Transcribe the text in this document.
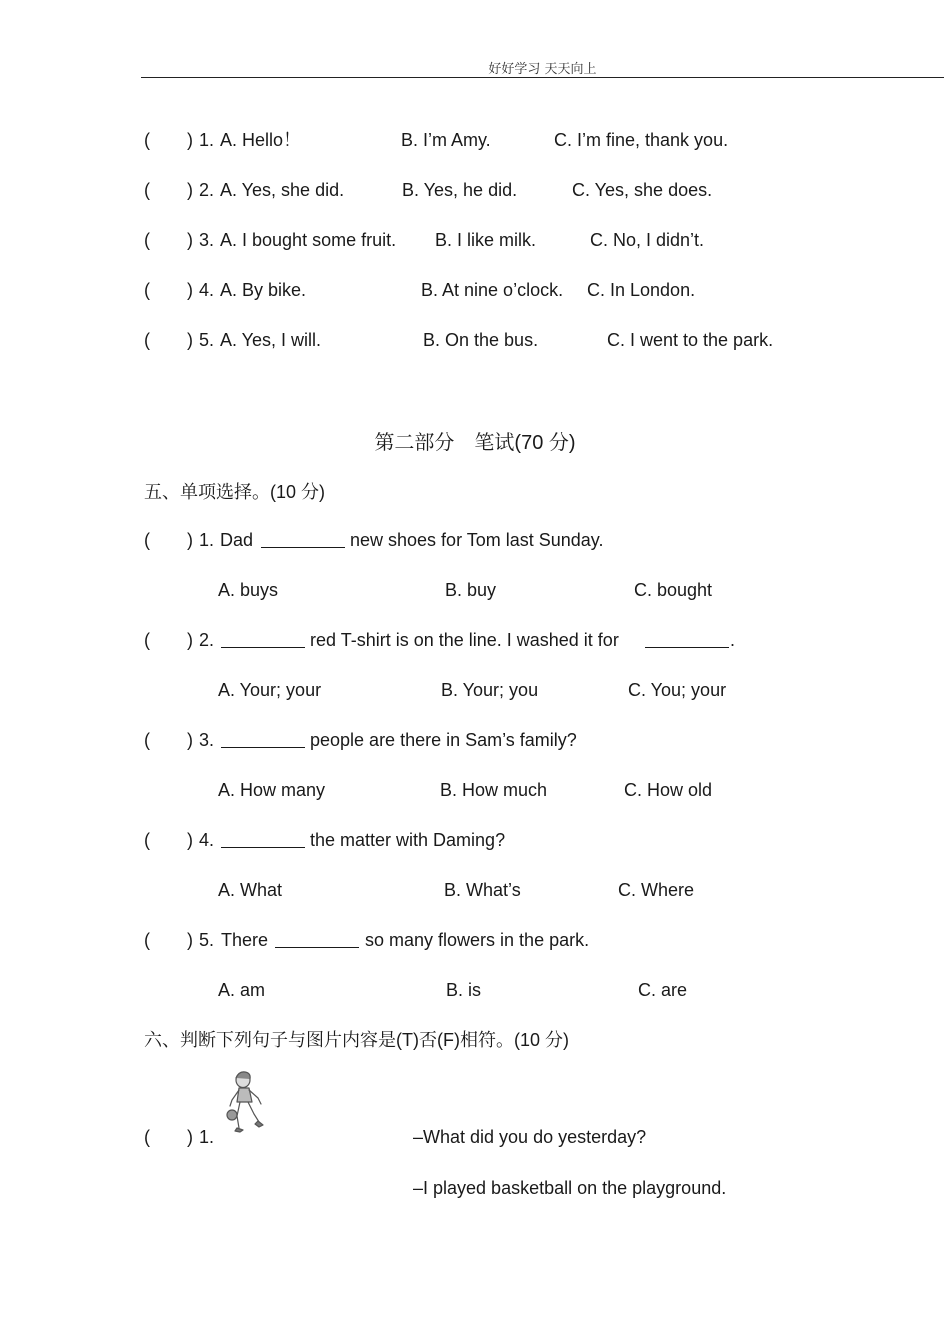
好好学习 天天向上
( ) 1. A. Hello！	B. I’m Amy.	C. I’m fine, thank you.
( ) 2. A. Yes, she did.	B. Yes, he did.	C. Yes, she does.
( ) 3. A. I bought some fruit. B. I like milk.	C. No, I didn’t.
( ) 4. A. By bike.	B. At nine o’clock. C. In London.
( ) 5. A. Yes, I will.	B. On the bus.	C. I went to the park.
第二部分　笔试(70 分)
五、单项选择。(10 分)
( ) 1. Dad	new shoes for Tom last Sunday.
A. buys	B. buy	C. bought
( ) 2.	red T-shirt is on the line. I washed it for	.
A. Your; your	B. Your; you	C. You; your
( ) 3.	people are there in Sam’s family?
A. How many	B. How much	C. How old
( ) 4.	the matter with Daming?
A. What	B. What’s	C. Where
( ) 5. There	so many flowers in the park.
A. am	B. is	C. are
六、判断下列句子与图片内容是(T)否(F)相符。(10 分)
( ) 1.	–What did you do yesterday?
–I played basketball on the playground.
